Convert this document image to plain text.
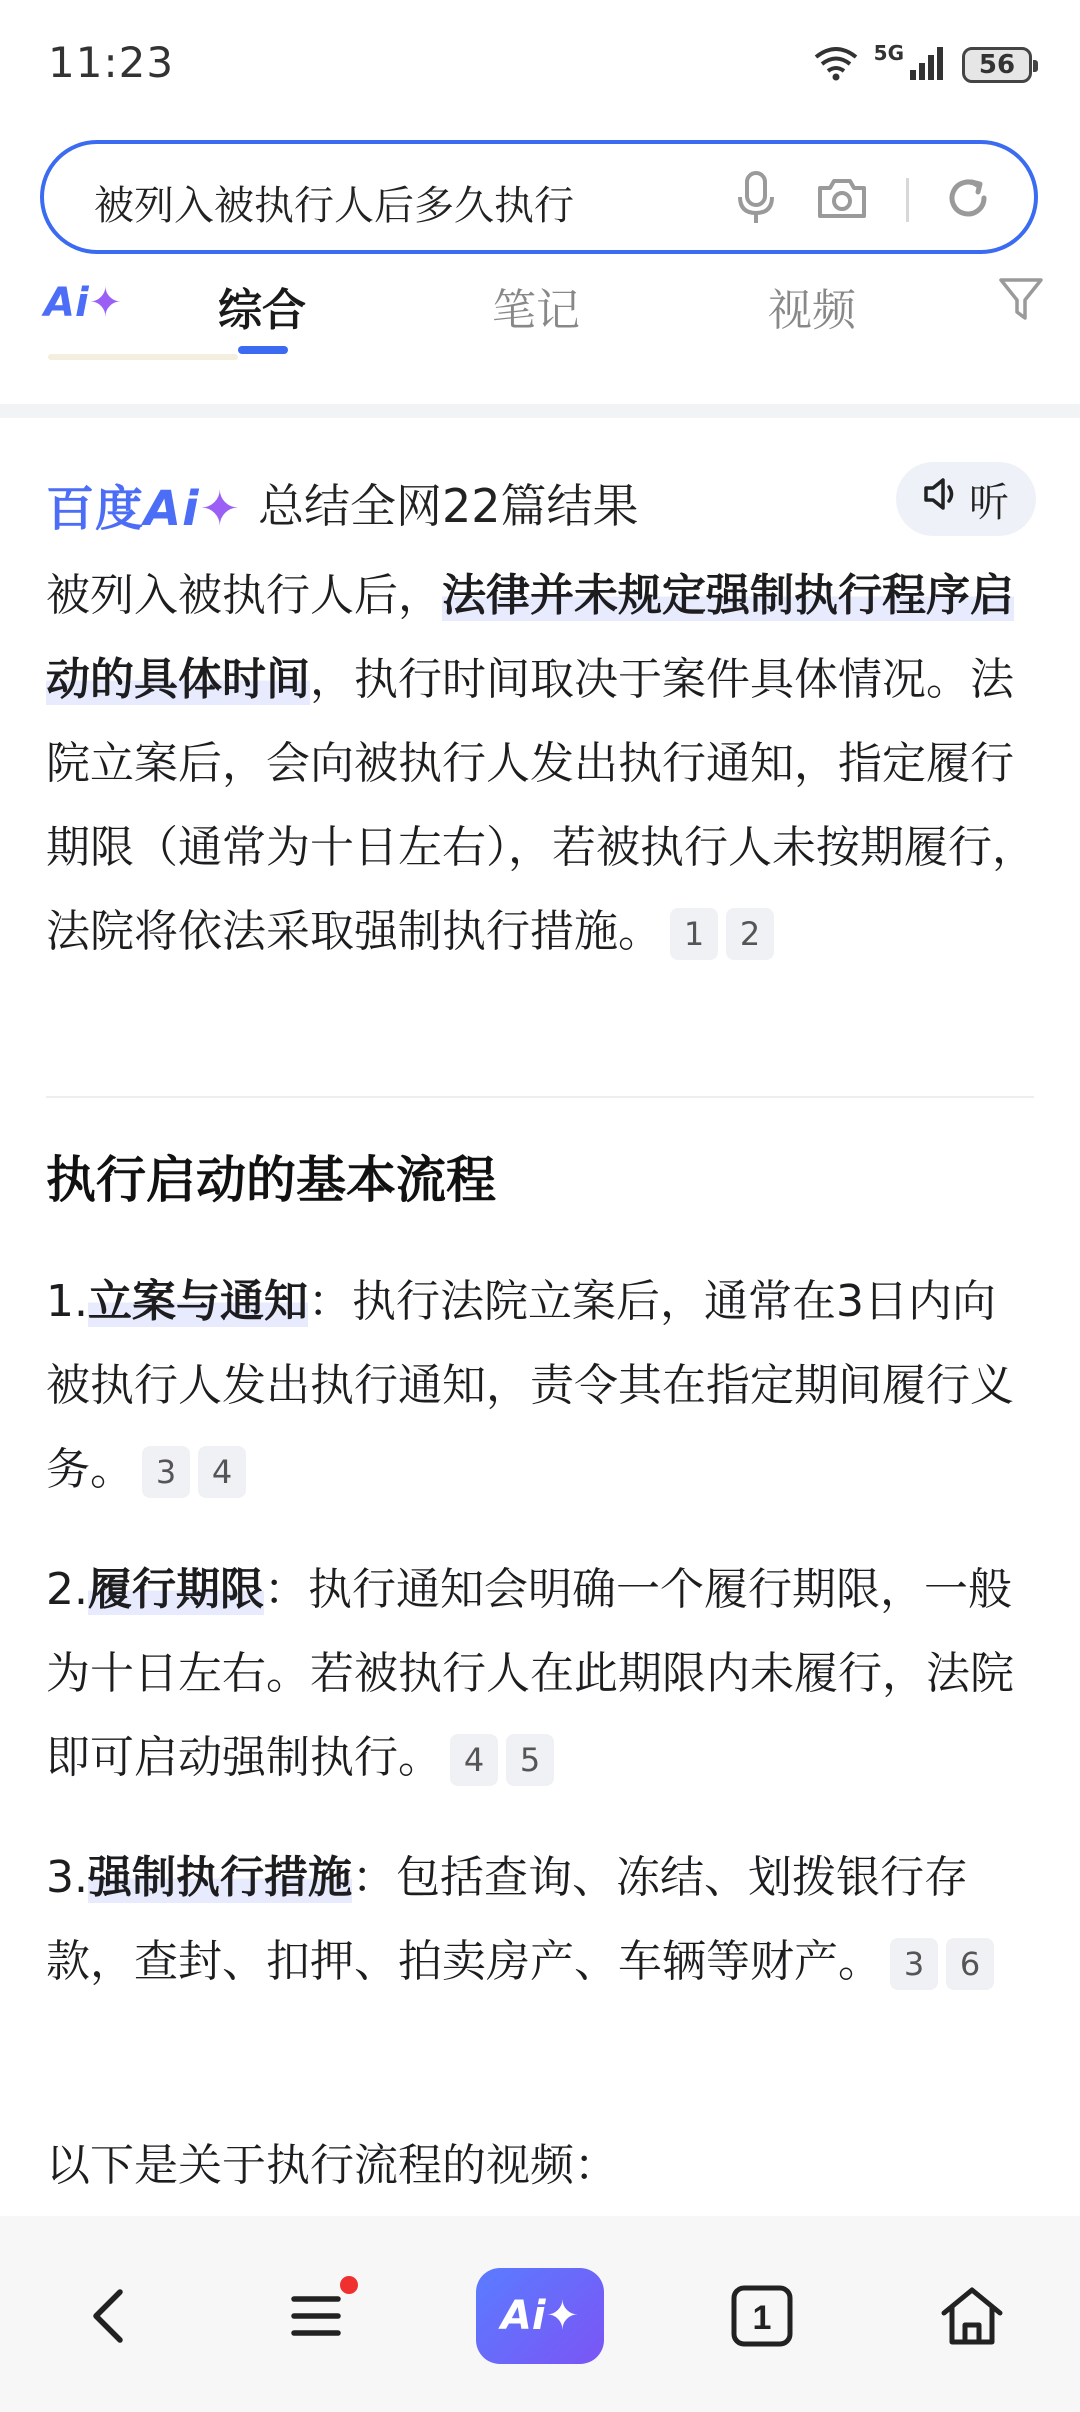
11:23	5G	56
被列入被执行人后多久执行
Ai✦ 综合	笔记	视频
百度Ai✦ 总结全网22篇结果	听
被列入被执行人后，法律并未规定强制执行程序启动的具体时间，执行时间取决于案件具体情况。法院立案后，会向被执行人发出执行通知，指定履行期限（通常为十日左右），若被执行人未按期履行，法院将依法采取强制执行措施。 1 2
执行启动的基本流程
1.立案与通知：执行法院立案后，通常在3日内向被执行人发出执行通知，责令其在指定期间履行义务。 3 4
2.履行期限：执行通知会明确一个履行期限，一般为十日左右。若被执行人在此期限内未履行，法院即可启动强制执行。 4 5
3.强制执行措施：包括查询、冻结、划拨银行存款，查封、扣押、拍卖房产、车辆等财产。 3 6
以下是关于执行流程的视频：
Ai ✦	1
